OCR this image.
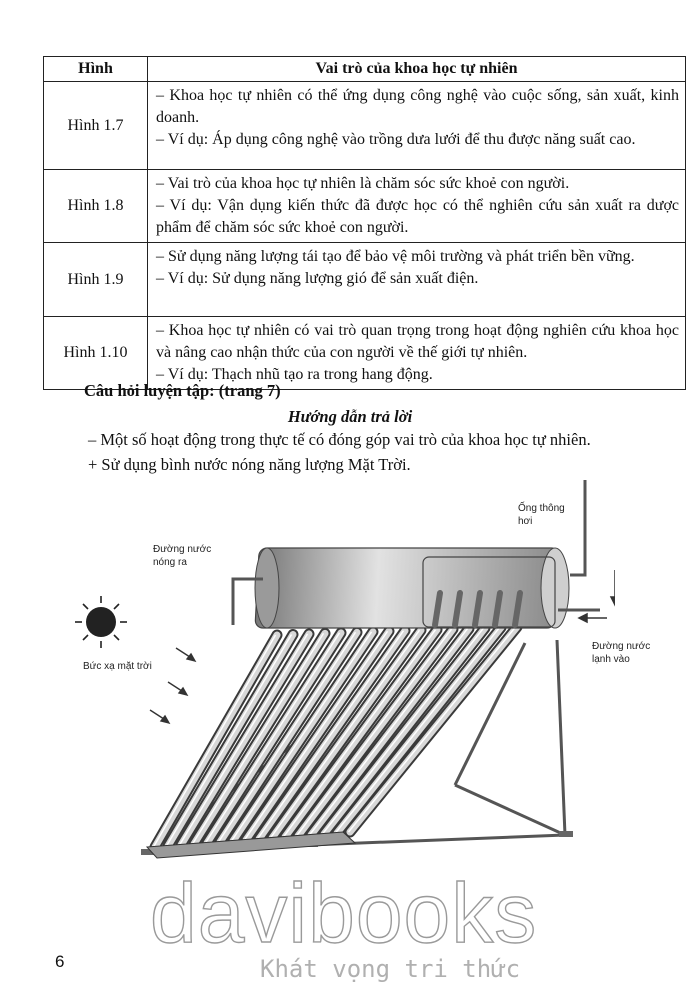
Hình	Vai trò của khoa học tự nhiên
Hình 1.7	– Khoa học tự nhiên có thể ứng dụng công nghệ vào cuộc sống, sản xuất, kinh doanh.
– Ví dụ: Áp dụng công nghệ vào trồng dưa lưới để thu được năng suất cao.

Hình 1.8	– Vai trò của khoa học tự nhiên là chăm sóc sức khoẻ con người.
– Ví dụ: Vận dụng kiến thức đã được học có thể nghiên cứu sản xuất ra dược phẩm để chăm sóc sức khoẻ con người.

Hình 1.9	– Sử dụng năng lượng tái tạo để bảo vệ môi trường và phát triển bền vững.
– Ví dụ: Sử dụng năng lượng gió để sản xuất điện.

Hình 1.10	– Khoa học tự nhiên có vai trò quan trọng trong hoạt động nghiên cứu khoa học và nâng cao nhận thức của con người về thế giới tự nhiên.
– Ví dụ: Thạch nhũ tạo ra trong hang động.
Câu hỏi luyện tập: (trang 7)
Hướng dẫn trả lời
– Một số hoạt động trong thực tế có đóng góp vai trò của khoa học tự nhiên.
+ Sử dụng bình nước nóng năng lượng Mặt Trời.
Đường nước nóng ra
Ống thông hơi
Đường nước lạnh vào
Bức xạ mặt trời
6
davibooks
Khát vọng tri thức
